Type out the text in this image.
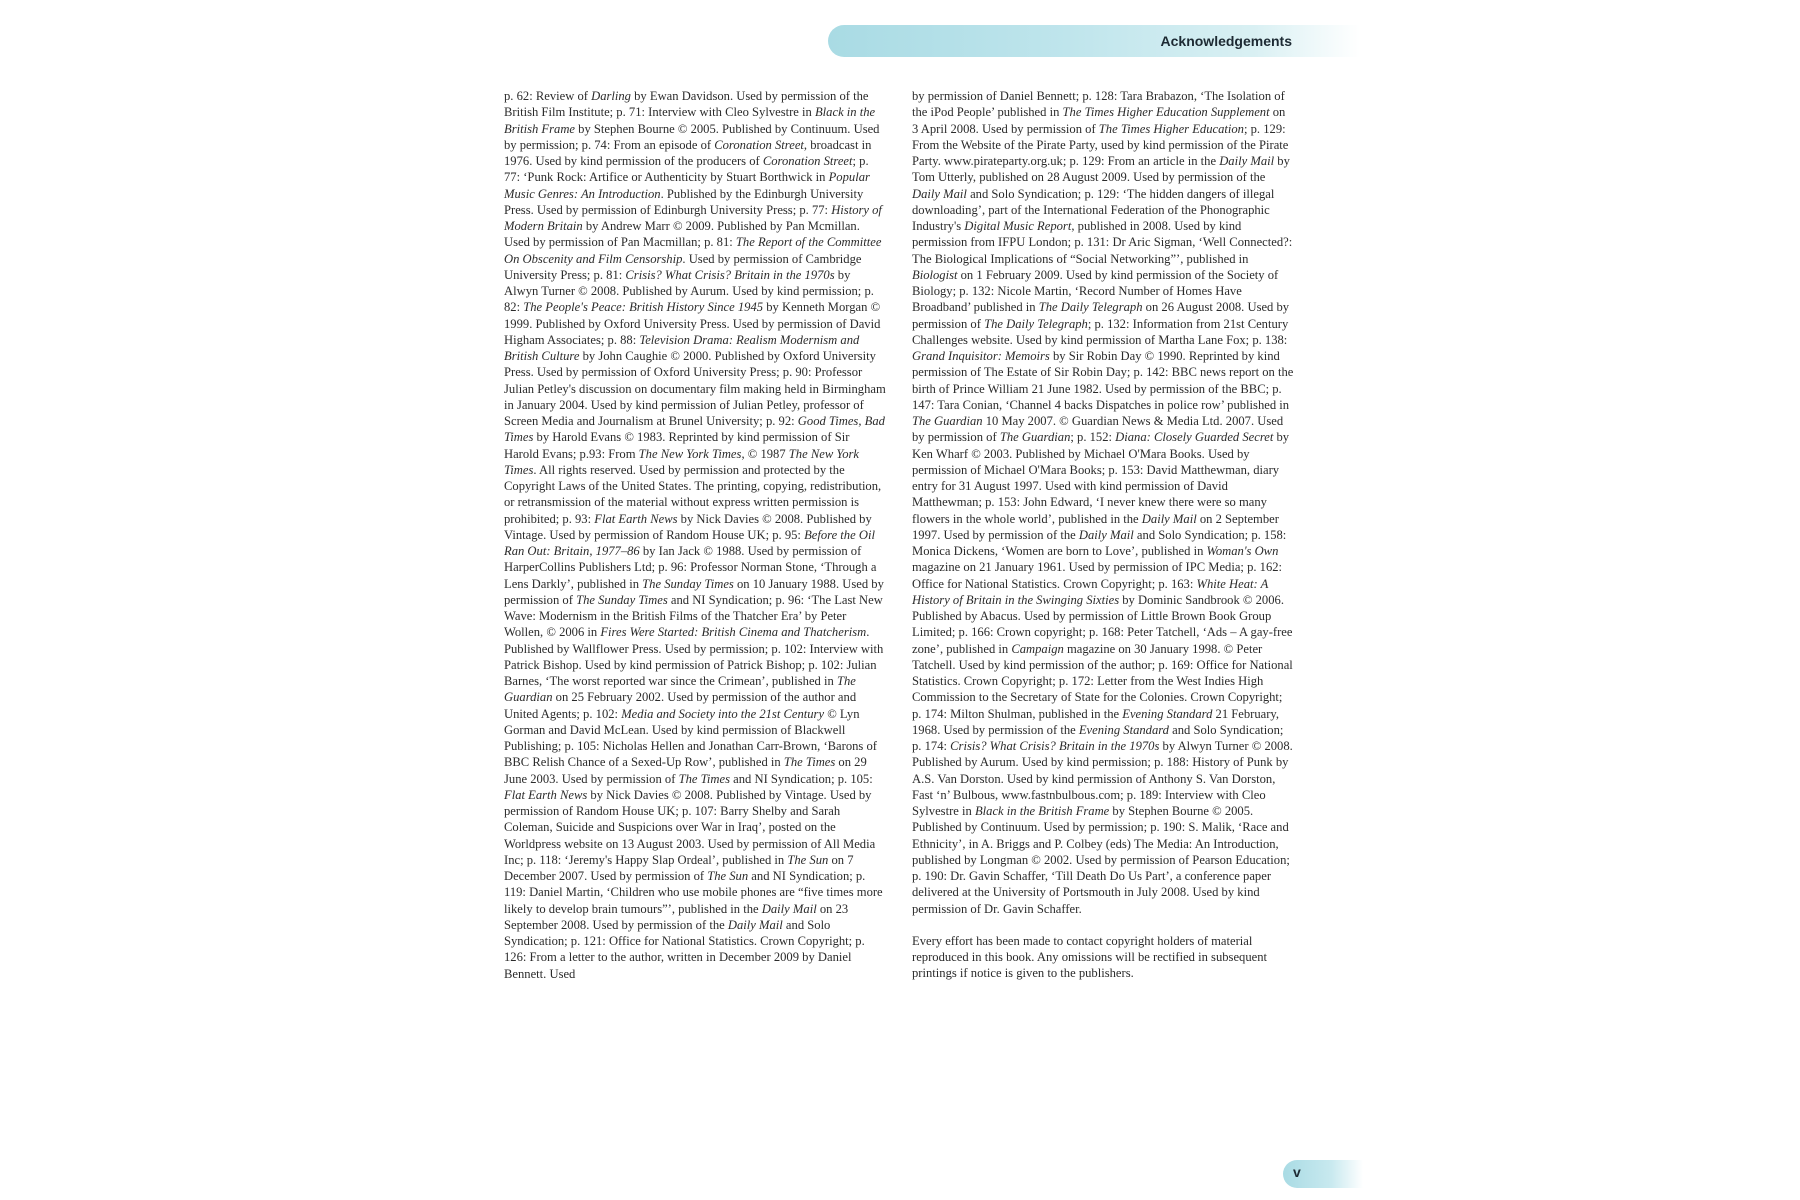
Acknowledgements

p. 62: Review of Darling by Ewan Davidson. Used by permission of the British Film Institute; p. 71: Interview with Cleo Sylvestre in Black in the British Frame by Stephen Bourne © 2005. Published by Continuum. Used by permission; p. 74: From an episode of Coronation Street, broadcast in 1976. Used by kind permission of the producers of Coronation Street; p. 77: ‘Punk Rock: Artifice or Authenticity by Stuart Borthwick in Popular Music Genres: An Introduction. Published by the Edinburgh University Press. Used by permission of Edinburgh University Press; p. 77: History of Modern Britain by Andrew Marr © 2009. Published by Pan Mcmillan. Used by permission of Pan Macmillan; p. 81: The Report of the Committee On Obscenity and Film Censorship. Used by permission of Cambridge University Press; p. 81: Crisis? What Crisis? Britain in the 1970s by Alwyn Turner © 2008. Published by Aurum. Used by kind permission; p. 82: The People's Peace: British History Since 1945 by Kenneth Morgan © 1999. Published by Oxford University Press. Used by permission of David Higham Associates; p. 88: Television Drama: Realism Modernism and British Culture by John Caughie © 2000. Published by Oxford University Press. Used by permission of Oxford University Press; p. 90: Professor Julian Petley's discussion on documentary film making held in Birmingham in January 2004. Used by kind permission of Julian Petley, professor of Screen Media and Journalism at Brunel University; p. 92: Good Times, Bad Times by Harold Evans © 1983. Reprinted by kind permission of Sir Harold Evans; p.93: From The New York Times, © 1987 The New York Times. All rights reserved. Used by permission and protected by the Copyright Laws of the United States. The printing, copying, redistribution, or retransmission of the material without express written permission is prohibited; p. 93: Flat Earth News by Nick Davies © 2008. Published by Vintage. Used by permission of Random House UK; p. 95: Before the Oil Ran Out: Britain, 1977–86 by Ian Jack © 1988. Used by permission of HarperCollins Publishers Ltd; p. 96: Professor Norman Stone, ‘Through a Lens Darkly’, published in The Sunday Times on 10 January 1988. Used by permission of The Sunday Times and NI Syndication; p. 96: ‘The Last New Wave: Modernism in the British Films of the Thatcher Era’ by Peter Wollen, © 2006 in Fires Were Started: British Cinema and Thatcherism. Published by Wallflower Press. Used by permission; p. 102: Interview with Patrick Bishop. Used by kind permission of Patrick Bishop; p. 102: Julian Barnes, ‘The worst reported war since the Crimean’, published in The Guardian on 25 February 2002. Used by permission of the author and United Agents; p. 102: Media and Society into the 21st Century © Lyn Gorman and David McLean. Used by kind permission of Blackwell Publishing; p. 105: Nicholas Hellen and Jonathan Carr-Brown, ‘Barons of BBC Relish Chance of a Sexed-Up Row’, published in The Times on 29 June 2003. Used by permission of The Times and NI Syndication; p. 105: Flat Earth News by Nick Davies © 2008. Published by Vintage. Used by permission of Random House UK; p. 107: Barry Shelby and Sarah Coleman, Suicide and Suspicions over War in Iraq’, posted on the Worldpress website on 13 August 2003. Used by permission of All Media Inc; p. 118: ‘Jeremy's Happy Slap Ordeal’, published in The Sun on 7 December 2007. Used by permission of The Sun and NI Syndication; p. 119: Daniel Martin, ‘Children who use mobile phones are “five times more likely to develop brain tumours”’, published in the Daily Mail on 23 September 2008. Used by permission of the Daily Mail and Solo Syndication; p. 121: Office for National Statistics. Crown Copyright; p. 126: From a letter to the author, written in December 2009 by Daniel Bennett. Used

by permission of Daniel Bennett; p. 128: Tara Brabazon, ‘The Isolation of the iPod People’ published in The Times Higher Education Supplement on 3 April 2008. Used by permission of The Times Higher Education; p. 129: From the Website of the Pirate Party, used by kind permission of the Pirate Party. www.pirateparty.org.uk; p. 129: From an article in the Daily Mail by Tom Utterly, published on 28 August 2009. Used by permission of the Daily Mail and Solo Syndication; p. 129: ‘The hidden dangers of illegal downloading’, part of the International Federation of the Phonographic Industry's Digital Music Report, published in 2008. Used by kind permission from IFPU London; p. 131: Dr Aric Sigman, ‘Well Connected?: The Biological Implications of “Social Networking”’, published in Biologist on 1 February 2009. Used by kind permission of the Society of Biology; p. 132: Nicole Martin, ‘Record Number of Homes Have Broadband’ published in The Daily Telegraph on 26 August 2008. Used by permission of The Daily Telegraph; p. 132: Information from 21st Century Challenges website. Used by kind permission of Martha Lane Fox; p. 138: Grand Inquisitor: Memoirs by Sir Robin Day © 1990. Reprinted by kind permission of The Estate of Sir Robin Day; p. 142: BBC news report on the birth of Prince William 21 June 1982. Used by permission of the BBC; p. 147: Tara Conian, ‘Channel 4 backs Dispatches in police row’ published in The Guardian 10 May 2007. © Guardian News & Media Ltd. 2007. Used by permission of The Guardian; p. 152: Diana: Closely Guarded Secret by Ken Wharf © 2003. Published by Michael O'Mara Books. Used by permission of Michael O'Mara Books; p. 153: David Matthewman, diary entry for 31 August 1997. Used with kind permission of David Matthewman; p. 153: John Edward, ‘I never knew there were so many flowers in the whole world’, published in the Daily Mail on 2 September 1997. Used by permission of the Daily Mail and Solo Syndication; p. 158: Monica Dickens, ‘Women are born to Love’, published in Woman's Own magazine on 21 January 1961. Used by permission of IPC Media; p. 162: Office for National Statistics. Crown Copyright; p. 163: White Heat: A History of Britain in the Swinging Sixties by Dominic Sandbrook © 2006. Published by Abacus. Used by permission of Little Brown Book Group Limited; p. 166: Crown copyright; p. 168: Peter Tatchell, ‘Ads – A gay-free zone’, published in Campaign magazine on 30 January 1998. © Peter Tatchell. Used by kind permission of the author; p. 169: Office for National Statistics. Crown Copyright; p. 172: Letter from the West Indies High Commission to the Secretary of State for the Colonies. Crown Copyright; p. 174: Milton Shulman, published in the Evening Standard 21 February, 1968. Used by permission of the Evening Standard and Solo Syndication; p. 174: Crisis? What Crisis? Britain in the 1970s by Alwyn Turner © 2008. Published by Aurum. Used by kind permission; p. 188: History of Punk by A.S. Van Dorston. Used by kind permission of Anthony S. Van Dorston, Fast ‘n’ Bulbous, www.fastnbulbous.com; p. 189: Interview with Cleo Sylvestre in Black in the British Frame by Stephen Bourne © 2005. Published by Continuum. Used by permission; p. 190: S. Malik, ‘Race and Ethnicity’, in A. Briggs and P. Colbey (eds) The Media: An Introduction, published by Longman © 2002. Used by permission of Pearson Education; p. 190: Dr. Gavin Schaffer, ‘Till Death Do Us Part’, a conference paper delivered at the University of Portsmouth in July 2008. Used by kind permission of Dr. Gavin Schaffer.

Every effort has been made to contact copyright holders of material reproduced in this book. Any omissions will be rectified in subsequent printings if notice is given to the publishers.

v
